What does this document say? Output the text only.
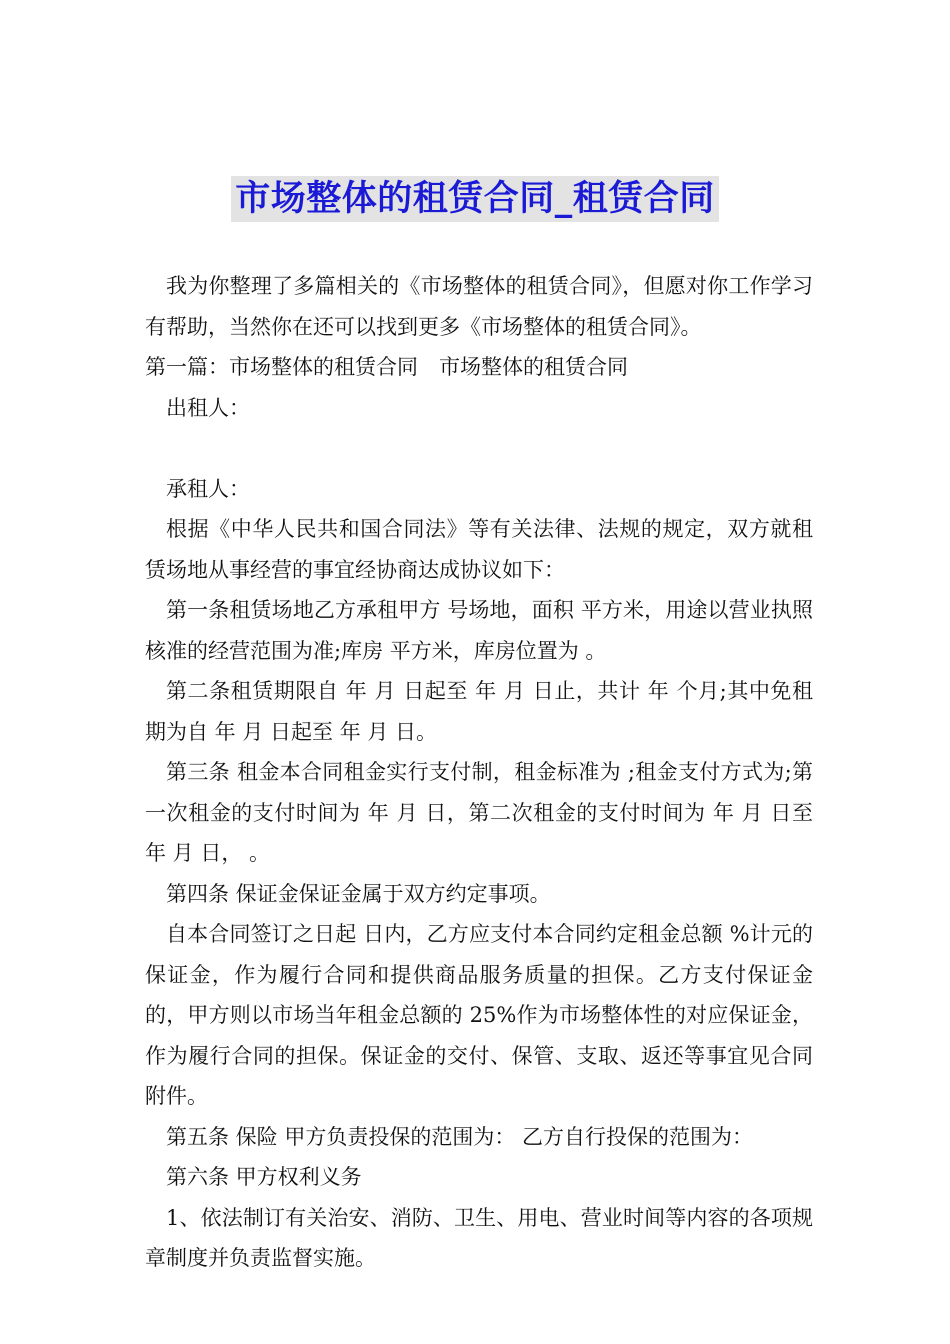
市场整体的租赁合同_租赁合同

我为你整理了多篇相关的《市场整体的租赁合同》，但愿对你工作学习有帮助，当然你在还可以找到更多《市场整体的租赁合同》。

第一篇：市场整体的租赁合同　市场整体的租赁合同

出租人：

承租人：

根据《中华人民共和国合同法》等有关法律、法规的规定，双方就租赁场地从事经营的事宜经协商达成协议如下：

第一条租赁场地乙方承租甲方 号场地，面积 平方米，用途以营业执照核准的经营范围为准;库房 平方米，库房位置为 。

第二条租赁期限自 年 月 日起至 年 月 日止，共计 年 个月;其中免租期为自 年 月 日起至 年 月 日。

第三条 租金本合同租金实行支付制，租金标准为 ;租金支付方式为;第一次租金的支付时间为 年 月 日，第二次租金的支付时间为 年 月 日至 年 月 日， 。

第四条 保证金保证金属于双方约定事项。

自本合同签订之日起 日内，乙方应支付本合同约定租金总额 %计元的保证金，作为履行合同和提供商品服务质量的担保。乙方支付保证金的，甲方则以市场当年租金总额的 25%作为市场整体性的对应保证金，作为履行合同的担保。保证金的交付、保管、支取、返还等事宜见合同附件。

第五条 保险 甲方负责投保的范围为： 乙方自行投保的范围为：

第六条 甲方权利义务

1、依法制订有关治安、消防、卫生、用电、营业时间等内容的各项规章制度并负责监督实施。
